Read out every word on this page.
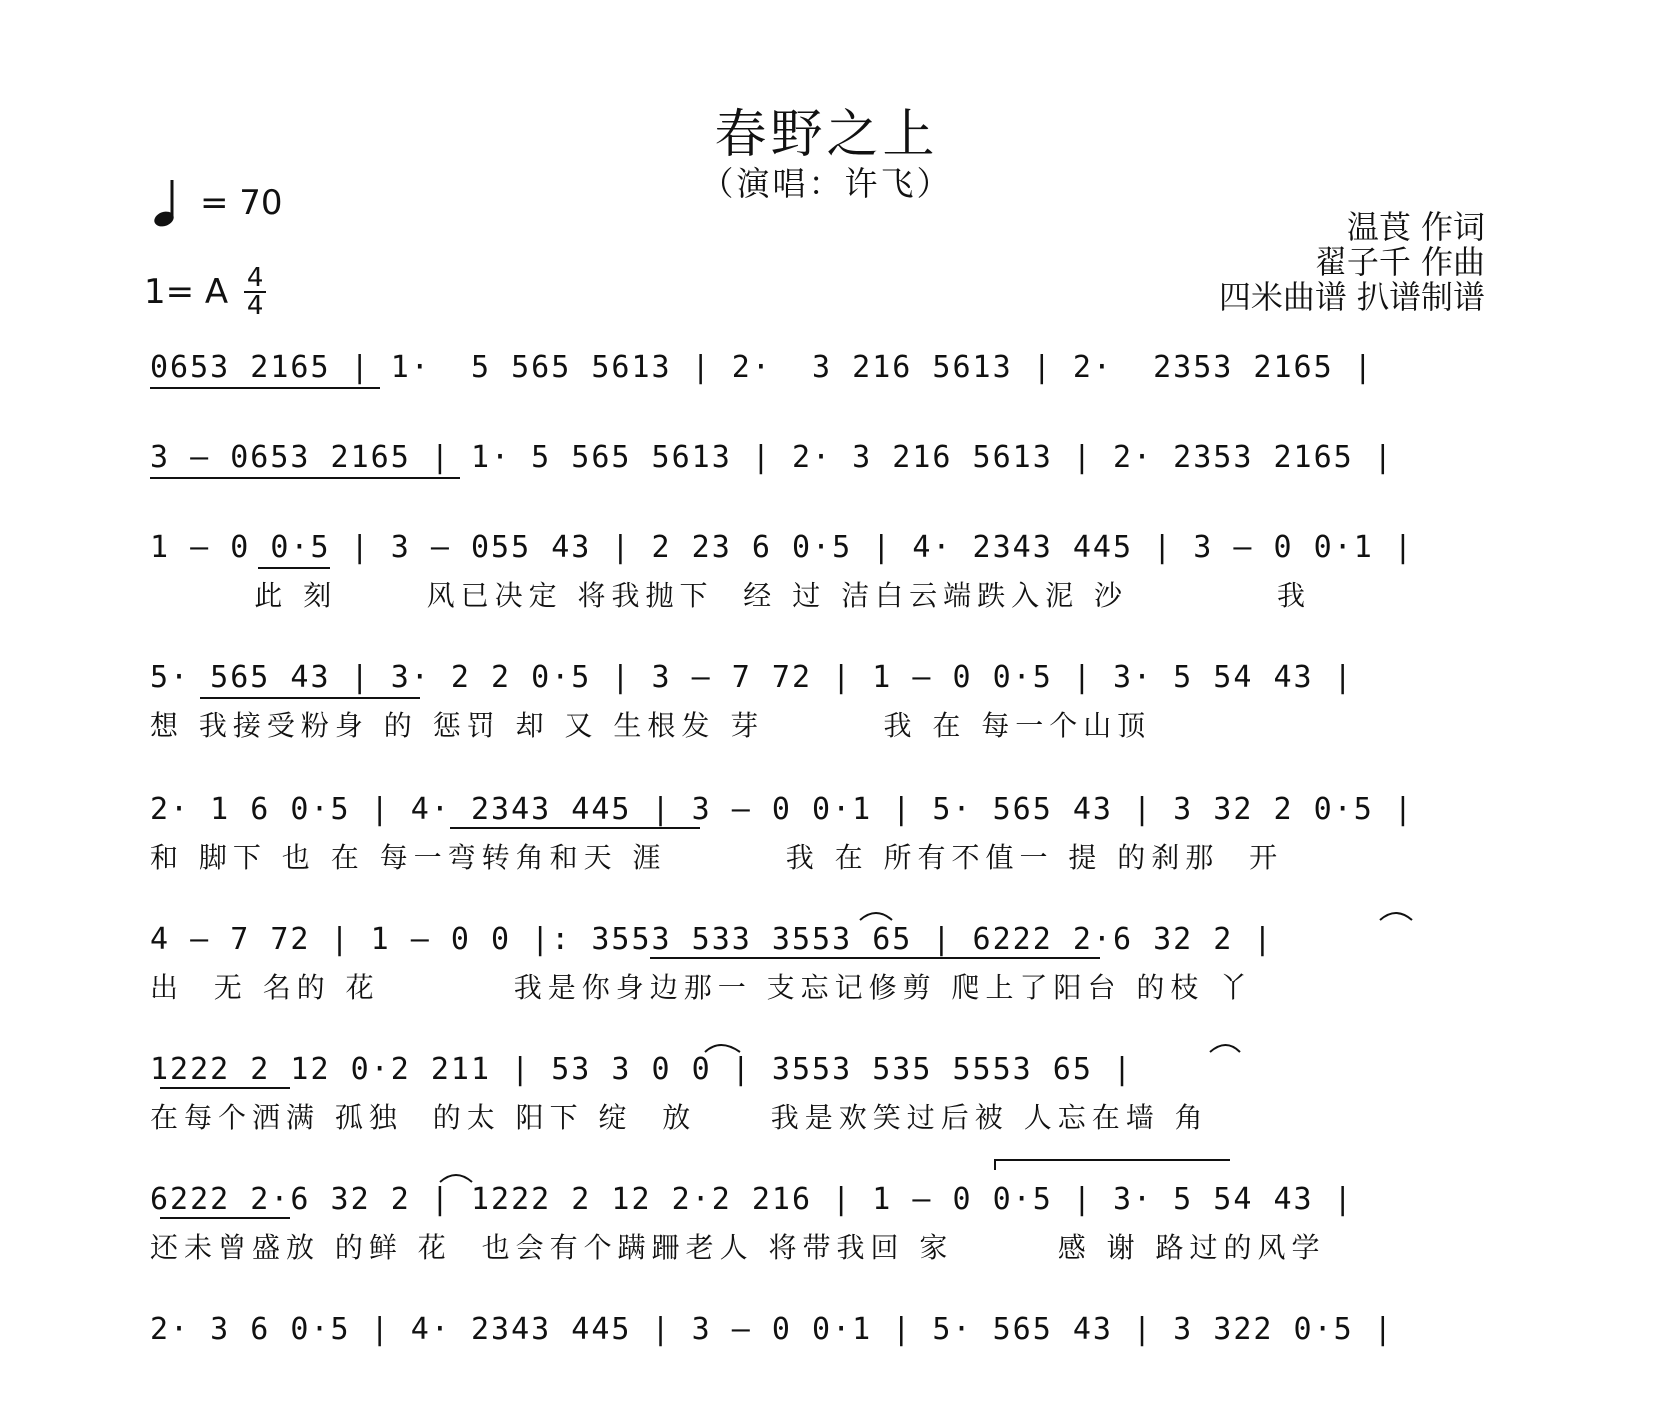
春野之上
（演唱：许飞）
= 70
1= A $\frac{4}{4}$
温莨 作词
翟子千 作曲
四米曲谱 扒谱制谱
0653 2165 | 1·  5 565 5613 | 2·  3 216 5613 | 2·  2353 2165 |
3 — 0653 2165 | 1· 5 565 5613 | 2· 3 216 5613 | 2· 2353 2165 |
1 — 0 0·5 | 3 — 055 43 | 2 23 6 0·5 | 4· 2343 445 | 3 — 0 0·1 |
此 刻      风已决定 将我抛下  经 过 洁白云端跌入泥 沙          我
5· 565 43 | 3· 2 2 0·5 | 3 — 7 72 | 1 — 0 0·5 | 3· 5 54 43 |
想 我接受粉身 的 惩罚 却 又 生根发 芽        我 在 每一个山顶
2· 1 6 0·5 | 4· 2343 445 | 3 — 0 0·1 | 5· 565 43 | 3 32 2 0·5 |
和 脚下 也 在 每一弯转角和天 涯        我 在 所有不值一 提 的刹那  开
4 — 7 72 | 1 — 0 0 |: 3553 533 3553 65 | 6222 2·6 32 2 |
出  无 名的 花         我是你身边那一 支忘记修剪 爬上了阳台 的枝 丫
1222 2 12 0·2 211 | 53 3 0 0 | 3553 535 5553 65 |
在每个洒满 孤独  的太 阳下 绽  放     我是欢笑过后被 人忘在墙 角
6222 2·6 32 2 | 1222 2 12 2·2 216 | 1 — 0 0·5 | 3· 5 54 43 |
还未曾盛放 的鲜 花  也会有个蹒跚老人 将带我回 家       感 谢 路过的风学
2· 3 6 0·5 | 4· 2343 445 | 3 — 0 0·1 | 5· 565 43 | 3 322 0·5 |
